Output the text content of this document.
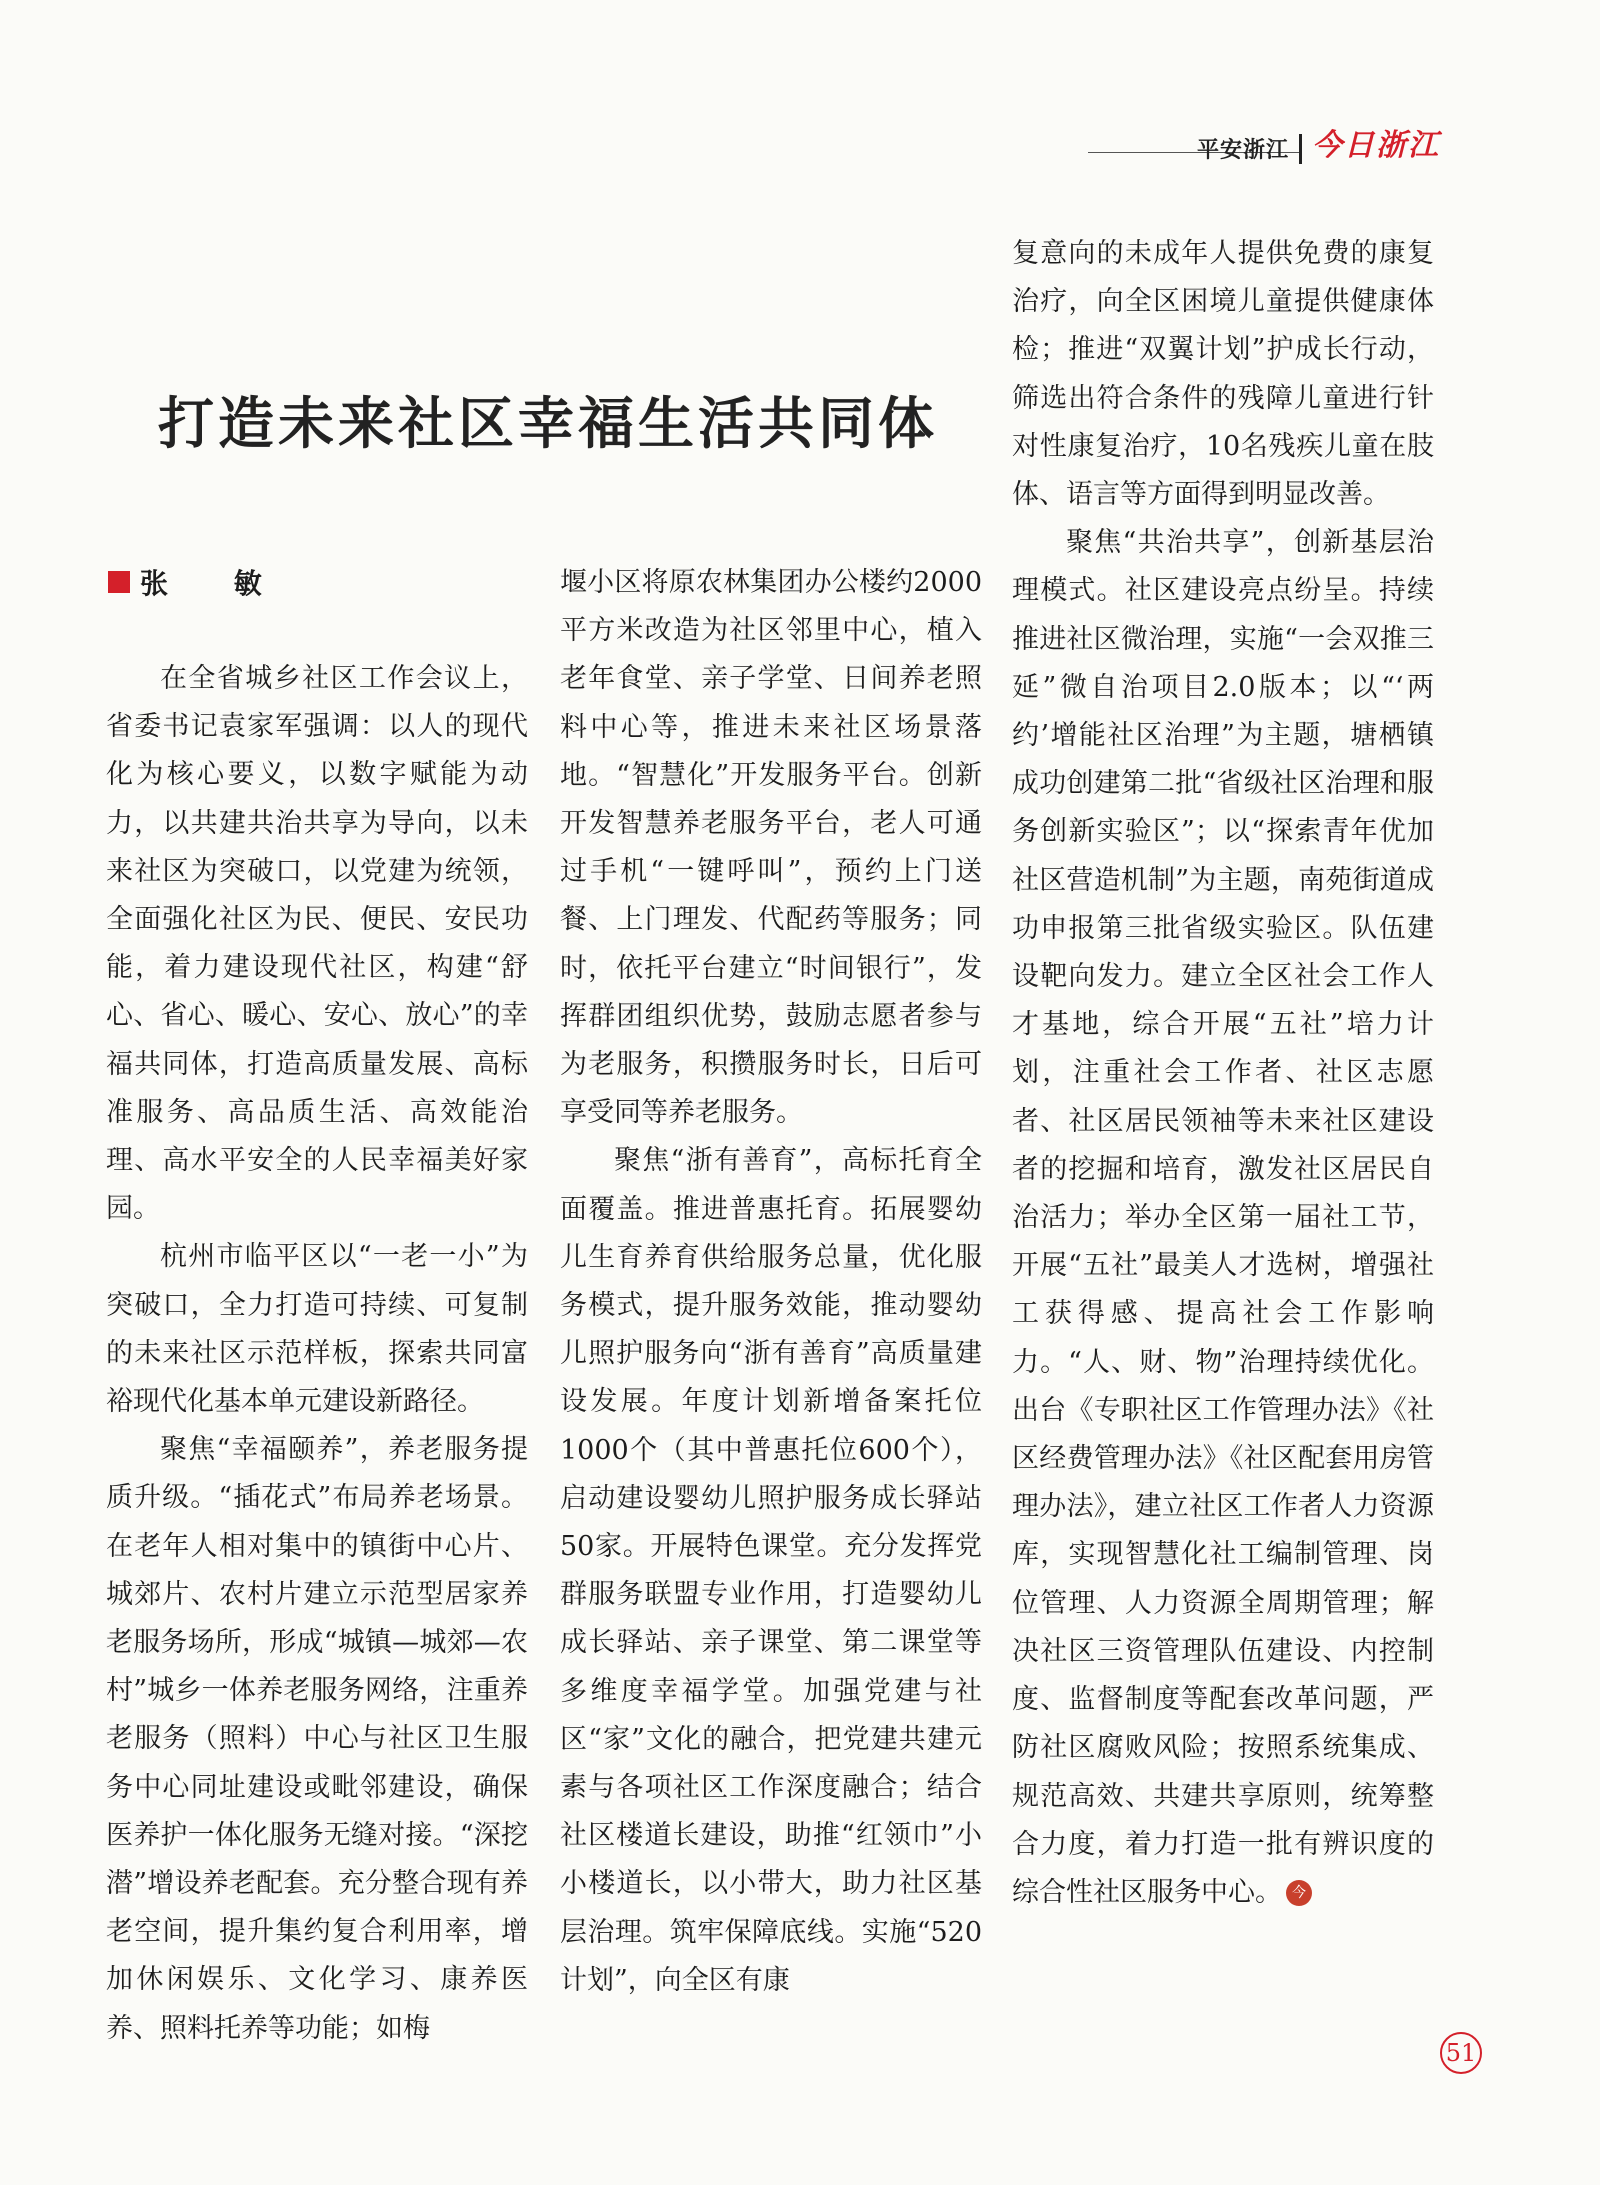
平安浙江 今日浙江
打造未来社区幸福生活共同体
张 敏

在全省城乡社区工作会议上，省委书记袁家军强调：以人的现代化为核心要义，以数字赋能为动力，以共建共治共享为导向，以未来社区为突破口，以党建为统领，全面强化社区为民、便民、安民功能，着力建设现代社区，构建“舒心、省心、暖心、安心、放心”的幸福共同体，打造高质量发展、高标准服务、高品质生活、高效能治理、高水平安全的人民幸福美好家园。

杭州市临平区以“一老一小”为突破口，全力打造可持续、可复制的未来社区示范样板，探索共同富裕现代化基本单元建设新路径。

聚焦“幸福颐养”，养老服务提质升级。“插花式”布局养老场景。在老年人相对集中的镇街中心片、城郊片、农村片建立示范型居家养老服务场所，形成“城镇—城郊—农村”城乡一体养老服务网络，注重养老服务（照料）中心与社区卫生服务中心同址建设或毗邻建设，确保医养护一体化服务无缝对接。“深挖潜”增设养老配套。充分整合现有养老空间，提升集约复合利用率，增加休闲娱乐、文化学习、康养医养、照料托养等功能；如梅

堰小区将原农林集团办公楼约2000平方米改造为社区邻里中心，植入老年食堂、亲子学堂、日间养老照料中心等，推进未来社区场景落地。“智慧化”开发服务平台。创新开发智慧养老服务平台，老人可通过手机“一键呼叫”，预约上门送餐、上门理发、代配药等服务；同时，依托平台建立“时间银行”，发挥群团组织优势，鼓励志愿者参与为老服务，积攒服务时长，日后可享受同等养老服务。

聚焦“浙有善育”，高标托育全面覆盖。推进普惠托育。拓展婴幼儿生育养育供给服务总量，优化服务模式，提升服务效能，推动婴幼儿照护服务向“浙有善育”高质量建设发展。年度计划新增备案托位1000个（其中普惠托位600个），启动建设婴幼儿照护服务成长驿站50家。开展特色课堂。充分发挥党群服务联盟专业作用，打造婴幼儿成长驿站、亲子课堂、第二课堂等多维度幸福学堂。加强党建与社区“家”文化的融合，把党建共建元素与各项社区工作深度融合；结合社区楼道长建设，助推“红领巾”小小楼道长，以小带大，助力社区基层治理。筑牢保障底线。实施“520计划”，向全区有康

复意向的未成年人提供免费的康复治疗，向全区困境儿童提供健康体检；推进“双翼计划”护成长行动，筛选出符合条件的残障儿童进行针对性康复治疗，10名残疾儿童在肢体、语言等方面得到明显改善。

聚焦“共治共享”，创新基层治理模式。社区建设亮点纷呈。持续推进社区微治理，实施“一会双推三延”微自治项目2.0版本；以“‘两约’增能社区治理”为主题，塘栖镇成功创建第二批“省级社区治理和服务创新实验区”；以“探索青年优加社区营造机制”为主题，南苑街道成功申报第三批省级实验区。队伍建设靶向发力。建立全区社会工作人才基地，综合开展“五社”培力计划，注重社会工作者、社区志愿者、社区居民领袖等未来社区建设者的挖掘和培育，激发社区居民自治活力；举办全区第一届社工节，开展“五社”最美人才选树，增强社工获得感、提高社会工作影响力。“人、财、物”治理持续优化。出台《专职社区工作管理办法》《社区经费管理办法》《社区配套用房管理办法》，建立社区工作者人力资源库，实现智慧化社工编制管理、岗位管理、人力资源全周期管理；解决社区三资管理队伍建设、内控制度、监督制度等配套改革问题，严防社区腐败风险；按照系统集成、规范高效、共建共享原则，统筹整合力度，着力打造一批有辨识度的综合性社区服务中心。 今

51
